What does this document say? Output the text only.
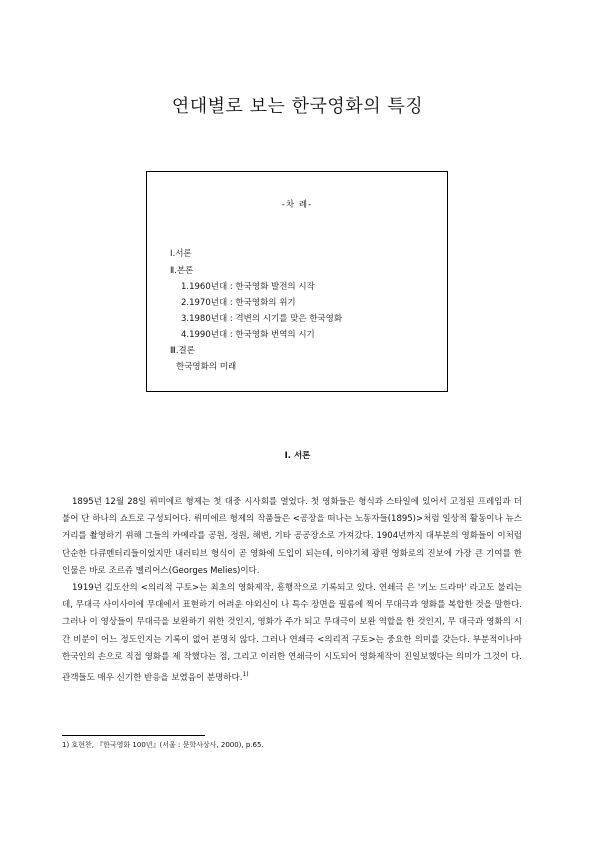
연대별로 보는 한국영화의 특징
-차 례-
Ⅰ.서론
Ⅱ.본론
1.1960년대 : 한국영화 발전의 시작
2.1970년대 : 한국영화의 위기
3.1980년대 : 격변의 시기를 맞은 한국영화
4.1990년대 : 한국영화 번역의 시기
Ⅲ.결론
한국영화의 미래
Ⅰ. 서론

1895년 12월 28일 뤼미에르 형제는 첫 대중 시사회를 열었다. 첫 영화들은 형식과 스타일에 있어서 고정된 프레임과 더불어 단 하나의 쇼트로 구성되어다. 뤼미에르 형제의 작품들은 <공장을 떠나는 노동자들(1895)>처럼 일상적 활동이나 뉴스거리를 촬영하기 위해 그들의 카메라를 공원, 정원, 해변, 기타 공공장소로 가져갔다. 1904년까지 대부분의 영화들이 이처럼 단순한 다큐멘터리들이었지만 내러티브 형식이 곧 영화에 도입이 되는데, 이야기체 광편 영화로의 진보에 가장 큰 기여를 한 인물은 바로 조르쥬 멜리어스(Georges Melies)이다.

1919년 김도산의 <의리적 구토>는 최초의 영화제작, 흥행작으로 기록되고 있다. 연쇄극 은 '키노 드라마' 라고도 불리는데, 무대극 사이사이에 무대에서 표현하기 어려운 야외신이 나 특수 장면을 필름에 찍어 무대극과 영화를 복합한 것을 말한다. 그러나 이 영상들이 무대극을 보완하기 위한 것인지, 영화가 주가 되고 무대극이 보완 역할을 한 것인지, 무 대극과 영화의 시간 비분이 어느 정도인지는 기록이 없어 분명치 않다. 그러나 연쇄극 <의리적 구토>는 중요한 의미를 갖는다. 부분적이나마 한국인의 손으로 직접 영화를 제 작했다는 점, 그리고 이러한 연쇄극이 시도되어 영화제작이 진일보했다는 의미가 그것이 다. 관객들도 매우 신기한 반응을 보였음이 분명하다.$^{1)}$

1) 호현찬, 『한국영화 100년』(서울 : 문학사상사, 2000), p.65.
